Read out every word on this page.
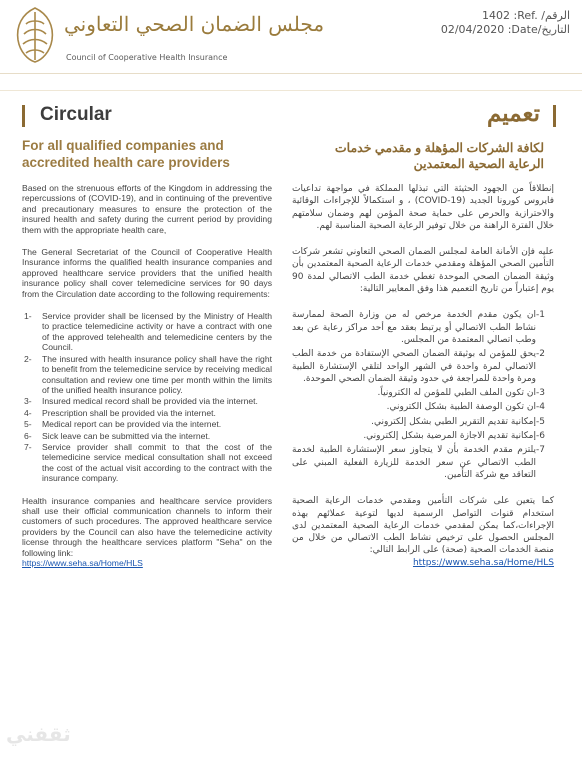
1402 :Ref. /الرقم
02/04/2020 :Date/التاريخ
مجلس الضمان الصحي التعاوني
Council of Cooperative Health Insurance
Circular	تعميم
For all qualified companies and accredited health care providers
لكافة الشركات المؤهلة و مقدمي خدمات الرعاية الصحية المعتمدين

Based on the strenuous efforts of the Kingdom in addressing the repercussions of (COVID-19), and in continuing of the preventive and precautionary measures to ensure the protection of the insured health and safety during the current period by providing them with the appropriate health care,

The General Secretariat of the Council of Cooperative Health Insurance informs the qualified health insurance companies and approved healthcare service providers that the unified health insurance policy shall cover telemedicine services for 90 days from the Circulation date according to the following requirements:

1-	Service provider shall be licensed by the Ministry of Health to practice telemedicine activity or have a contract with one of the approved telehealth and telemedicine centers by the Council.
2-	The insured with health insurance policy shall have the right to benefit from the telemedicine service by receiving medical consultation and review one time per month within the limits of the unified health insurance policy.
3-	Insured medical record shall be provided via the internet.
4-	Prescription shall be provided via the internet.
5-	Medical report can be provided via the internet.
6-	Sick leave can be submitted via the internet.
7-	Service provider shall commit to that the cost of the telemedicine service medical consultation shall not exceed the cost of the actual visit according to the contract with the insurance company.

Health insurance companies and healthcare service providers shall use their official communication channels to inform their customers of such procedures. The approved healthcare service providers by the Council can also have the telemedicine activity license through the healthcare services platform "Seha" on the following link:

https://www.seha.sa/Home/HLS

إنطلاقاً من الجهود الحثيثة التي تبذلها المملكة في مواجهة تداعيات فايروس كورونا الجديد (COVID-19) ، و استكمالاً للإجراءات الوقائية والاحترازية والحرص على حماية صحة المؤمن لهم وضمان سلامتهم خلال الفترة الراهنة من خلال توفير الرعاية الصحية المناسبة لهم.

عليه فإن الأمانة العامة لمجلس الضمان الصحي التعاوني تشعر شركات التأمين الصحي المؤهلة ومقدمي خدمات الرعاية الصحية المعتمدين بأن وثيقة الضمان الصحي الموحدة تغطي خدمة الطب الاتصالي لمدة 90 يوم إعتباراً من تاريخ التعميم هذا وفق المعايير التالية:

-1
ان يكون مقدم الخدمة مرخص له من وزارة الصحة لممارسة نشاط الطب الاتصالي أو يرتبط بعقد مع أحد مراكز رعاية عن بعد وطب اتصالي المعتمدة من المجلس.
-2
يحق للمؤمن له بوثيقة الضمان الصحي الإستفادة من خدمة الطب الاتصالي لمرة واحدة في الشهر الواحد لتلقي الإستشارة الطبية ومرة واحدة للمراجعة في حدود وثيقة الضمان الصحي الموحدة.
-3
ان تكون الملف الطبي للمؤمن له الكترونياً.
-4
ان تكون الوصفة الطبية بشكل الكتروني.
-5
إمكانية تقديم التقرير الطبي بشكل إلكتروني.
-6
إمكانية تقديم الاجازة المرضية بشكل إلكتروني.
-7
يلتزم مقدم الخدمة بأن لا يتجاوز سعر الإستشارة الطبية لخدمة الطب الاتصالي عن سعر الخدمة للزيارة الفعلية المبني على التعاقد مع شركة التأمين.

كما يتعين على شركات التأمين ومقدمي خدمات الرعاية الصحية استخدام قنوات التواصل الرسمية لديها لتوعية عملائهم بهذه الإجراءات،كما يمكن لمقدمي خدمات الرعاية الصحية المعتمدين لدى المجلس الحصول على ترخيص نشاط الطب الاتصالي من خلال من منصة الخدمات الصحية (صحة) على الرابط التالي:

https://www.seha.sa/Home/HLS
ثقفني
